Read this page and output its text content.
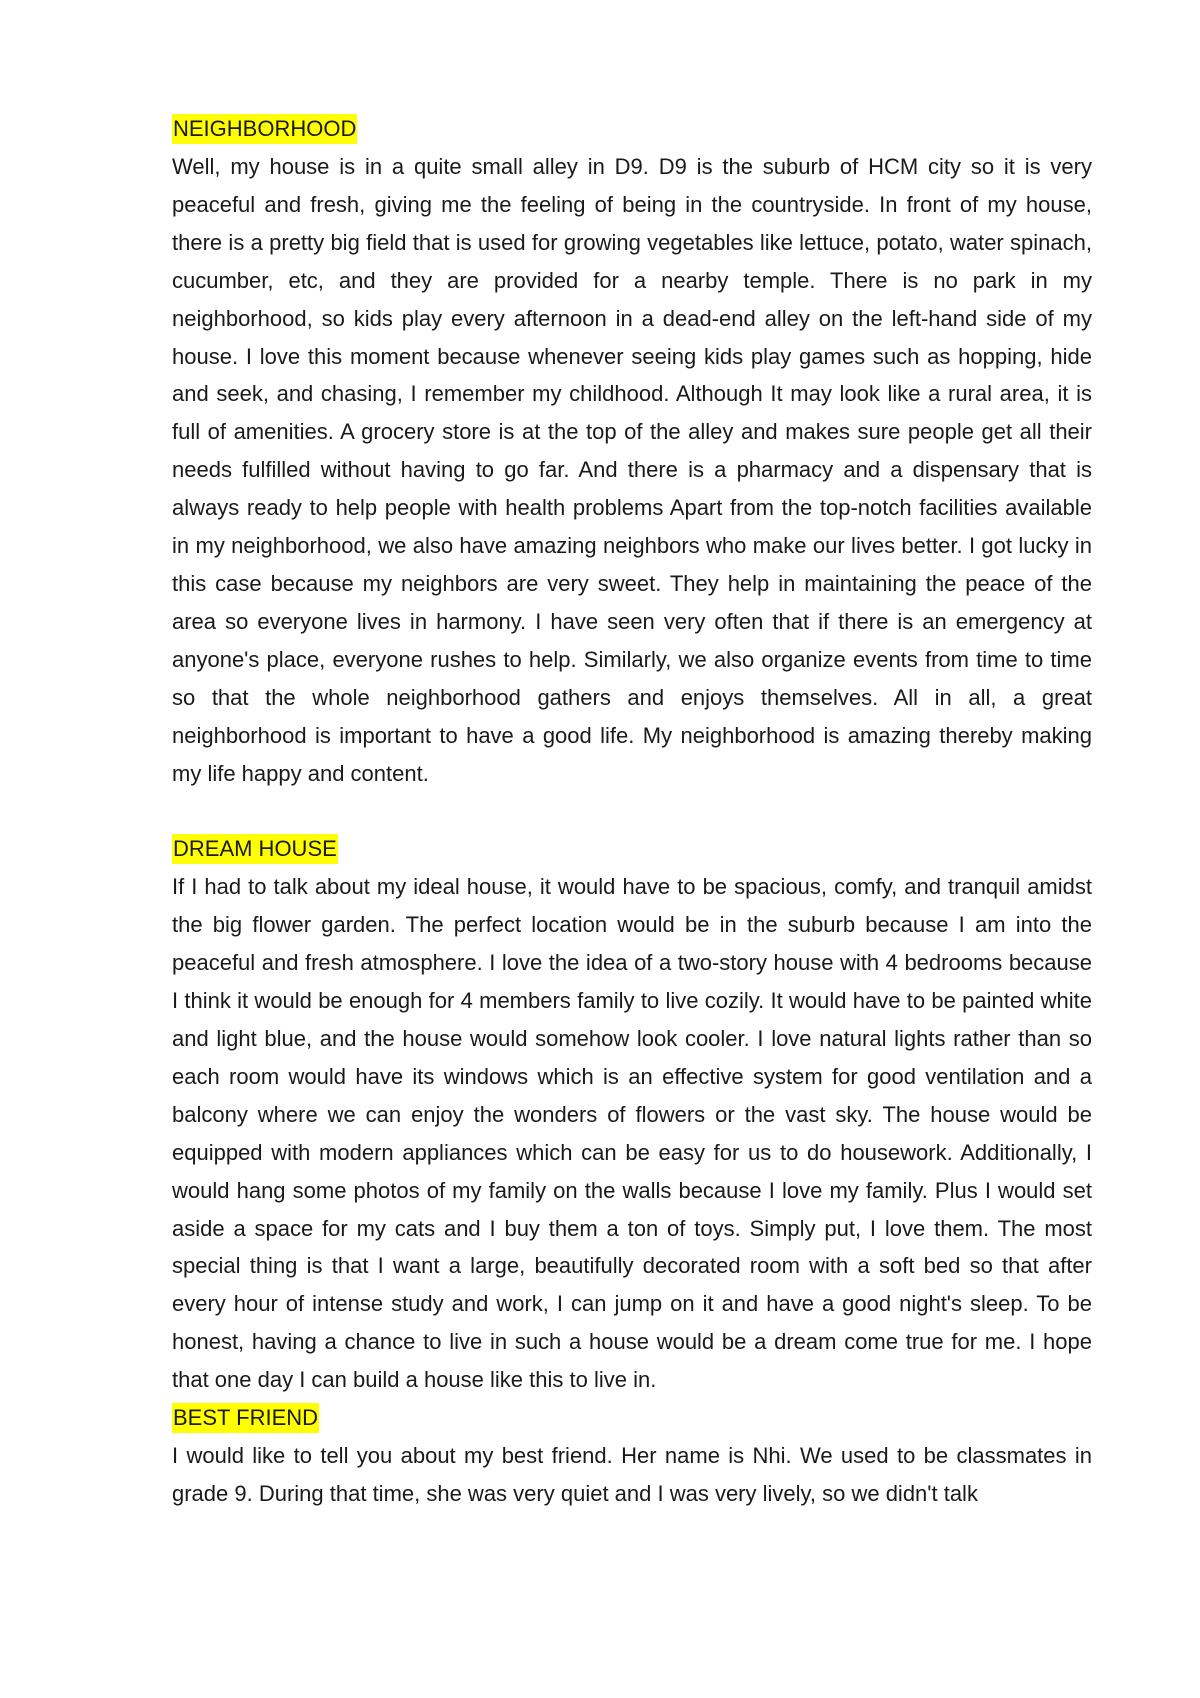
NEIGHBORHOOD

Well, my house is in a quite small alley in D9. D9 is the suburb of HCM city so it is very peaceful and fresh, giving me the feeling of being in the countryside. In front of my house, there is a pretty big field that is used for growing vegetables like lettuce, potato, water spinach, cucumber, etc, and they are provided for a nearby temple. There is no park in my neighborhood, so kids play every afternoon in a dead-end alley on the left-hand side of my house. I love this moment because whenever seeing kids play games such as hopping, hide and seek, and chasing, I remember my childhood. Although It may look like a rural area, it is full of amenities. A grocery store is at the top of the alley and makes sure people get all their needs fulfilled without having to go far. And there is a pharmacy and a dispensary that is always ready to help people with health problems Apart from the top-notch facilities available in my neighborhood, we also have amazing neighbors who make our lives better. I got lucky in this case because my neighbors are very sweet. They help in maintaining the peace of the area so everyone lives in harmony. I have seen very often that if there is an emergency at anyone's place, everyone rushes to help. Similarly, we also organize events from time to time so that the whole neighborhood gathers and enjoys themselves. All in all, a great neighborhood is important to have a good life. My neighborhood is amazing thereby making my life happy and content.

DREAM HOUSE

If I had to talk about my ideal house, it would have to be spacious, comfy, and tranquil amidst the big flower garden. The perfect location would be in the suburb because I am into the peaceful and fresh atmosphere. I love the idea of a two-story house with 4 bedrooms because I think it would be enough for 4 members family to live cozily. It would have to be painted white and light blue, and the house would somehow look cooler. I love natural lights rather than so each room would have its windows which is an effective system for good ventilation and a balcony where we can enjoy the wonders of flowers or the vast sky. The house would be equipped with modern appliances which can be easy for us to do housework. Additionally, I would hang some photos of my family on the walls because I love my family. Plus I would set aside a space for my cats and I buy them a ton of toys. Simply put, I love them. The most special thing is that I want a large, beautifully decorated room with a soft bed so that after every hour of intense study and work, I can jump on it and have a good night's sleep. To be honest, having a chance to live in such a house would be a dream come true for me. I hope that one day I can build a house like this to live in.

BEST FRIEND

I would like to tell you about my best friend. Her name is Nhi. We used to be classmates in grade 9. During that time, she was very quiet and I was very lively, so we didn't talk
